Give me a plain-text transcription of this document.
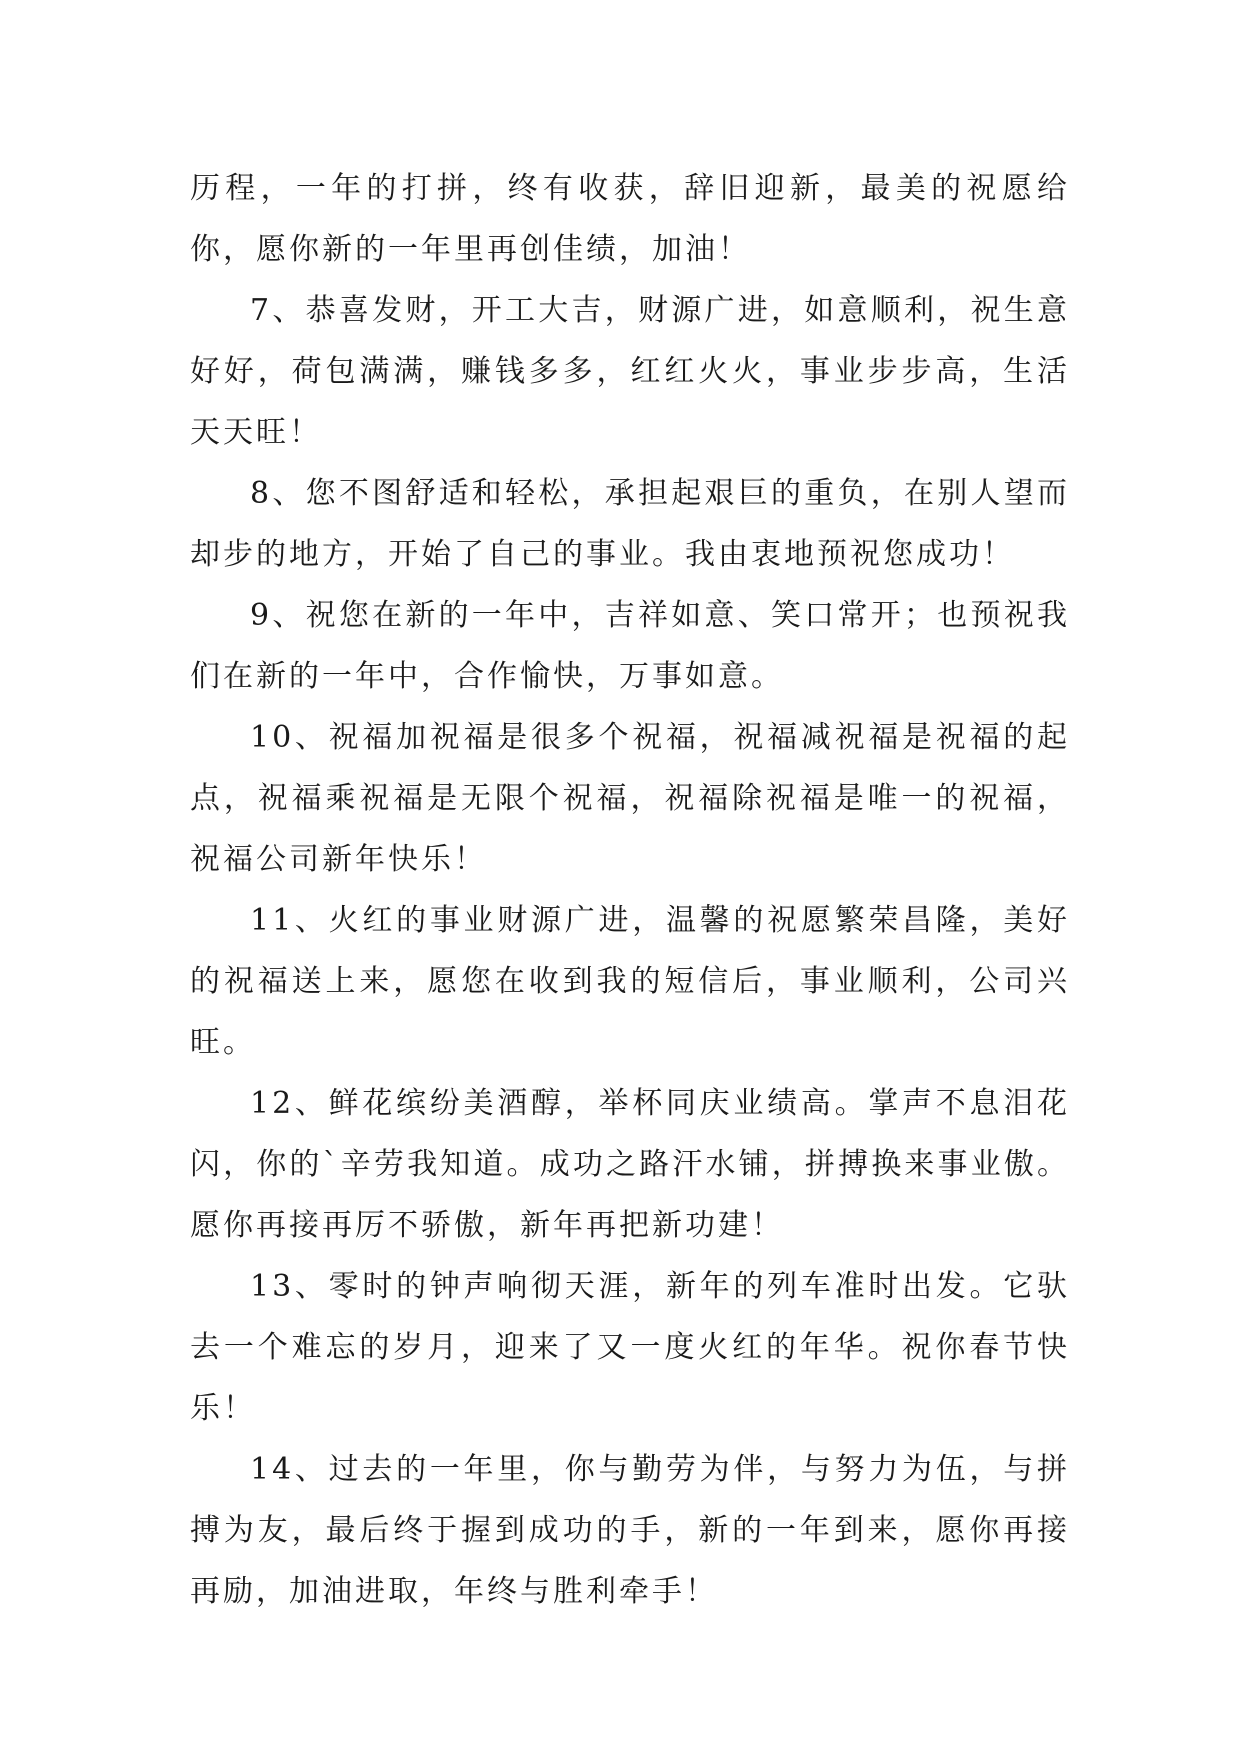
历程，一年的打拼，终有收获，辞旧迎新，最美的祝愿给你，愿你新的一年里再创佳绩，加油！

7、恭喜发财，开工大吉，财源广进，如意顺利，祝生意好好，荷包满满，赚钱多多，红红火火，事业步步高，生活天天旺！

8、您不图舒适和轻松，承担起艰巨的重负，在别人望而却步的地方，开始了自己的事业。我由衷地预祝您成功！

9、祝您在新的一年中，吉祥如意、笑口常开；也预祝我们在新的一年中，合作愉快，万事如意。

10、祝福加祝福是很多个祝福，祝福减祝福是祝福的起点，祝福乘祝福是无限个祝福，祝福除祝福是唯一的祝福，祝福公司新年快乐！

11、火红的事业财源广进，温馨的祝愿繁荣昌隆，美好的祝福送上来，愿您在收到我的短信后，事业顺利，公司兴旺。

12、鲜花缤纷美酒醇，举杯同庆业绩高。掌声不息泪花闪，你的`辛劳我知道。成功之路汗水铺，拼搏换来事业傲。愿你再接再厉不骄傲，新年再把新功建！

13、零时的钟声响彻天涯，新年的列车准时出发。它驮去一个难忘的岁月，迎来了又一度火红的年华。祝你春节快乐！

14、过去的一年里，你与勤劳为伴，与努力为伍，与拼搏为友，最后终于握到成功的手，新的一年到来，愿你再接再励，加油进取，年终与胜利牵手！
